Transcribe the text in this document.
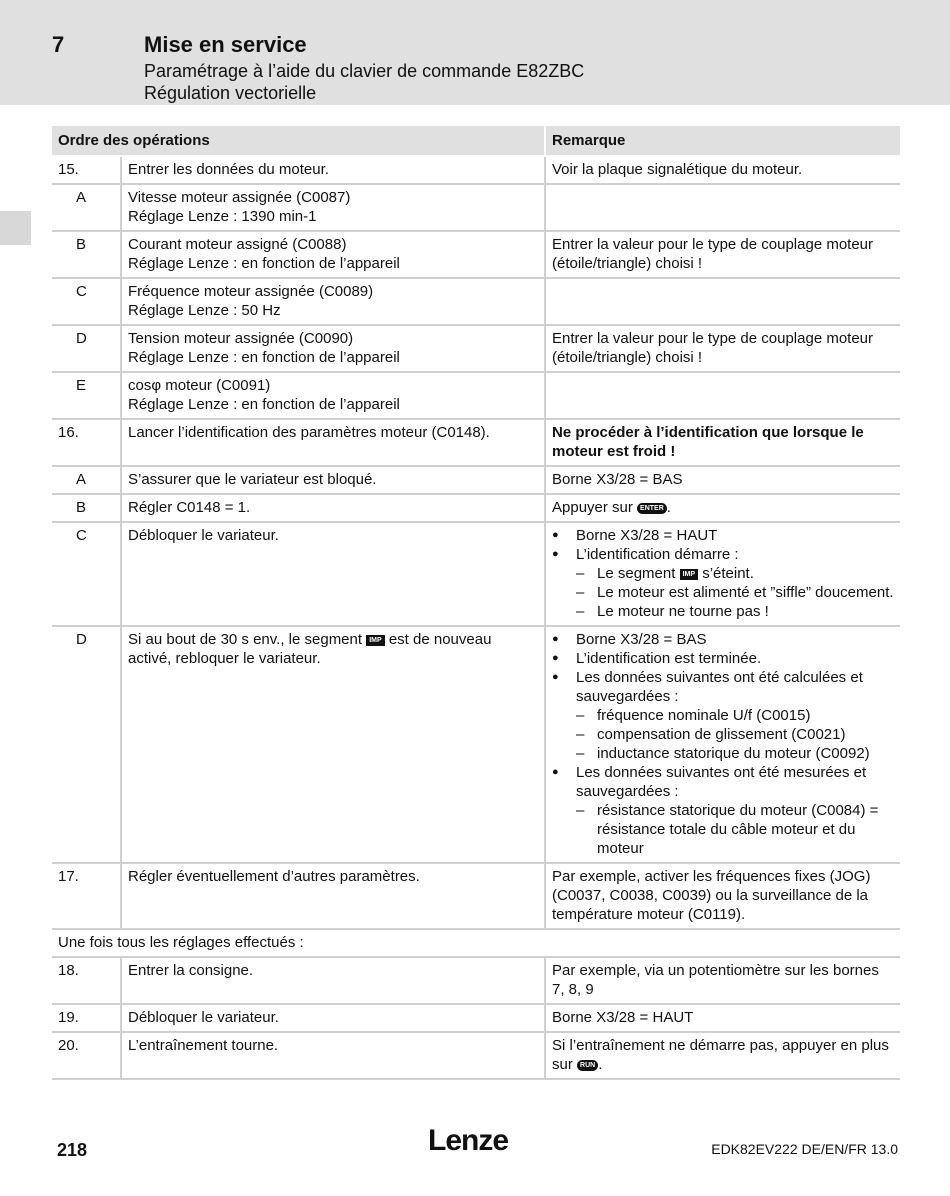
7	Mise en service
Paramétrage à l’aide du clavier de commande E82ZBC
Régulation vectorielle
Ordre des opérations	Remarque
15.	Entrer les données du moteur.	Voir la plaque signalétique du moteur.
A	Vitesse moteur assignée (C0087)
Réglage Lenze : 1390 min-1
B	Courant moteur assigné (C0088)
Réglage Lenze : en fonction de l’appareil
Entrer la valeur pour le type de couplage moteur (étoile/triangle) choisi !
C	Fréquence moteur assignée (C0089)
Réglage Lenze : 50 Hz
D	Tension moteur assignée (C0090)
Réglage Lenze : en fonction de l’appareil
Entrer la valeur pour le type de couplage moteur (étoile/triangle) choisi !
E	cosφ moteur (C0091)
Réglage Lenze : en fonction de l’appareil
16.	Lancer l’identification des paramètres moteur (C0148).	Ne procéder à l’identification que lorsque le moteur est froid !
A	S’assurer que le variateur est bloqué.	Borne X3/28 = BAS
B	Régler C0148 = 1.	Appuyer sur ENTER .
C	Débloquer le variateur.
●	Borne X3/28 = HAUT
● L’identification démarre :
– Le segment IMP s’éteint.
– Le moteur est alimenté et ”siffle” doucement.
– Le moteur ne tourne pas !
D	Si au bout de 30 s env., le segment IMP est de nouveau activé, rebloquer le variateur.
● Borne X3/28 = BAS
● L’identification est terminée.
● Les données suivantes ont été calculées et sauvegardées :
– fréquence nominale U/f (C0015)
– compensation de glissement (C0021)
– inductance statorique du moteur (C0092)
● Les données suivantes ont été mesurées et sauvegardées :
– résistance statorique du moteur (C0084) = résistance totale du câble moteur et du moteur
17.	Régler éventuellement d’autres paramètres.	Par exemple, activer les fréquences fixes (JOG) (C0037, C0038, C0039) ou la surveillance de la température moteur (C0119).
Une fois tous les réglages effectués :
18.	Entrer la consigne.	Par exemple, via un potentiomètre sur les bornes 7, 8, 9
19.	Débloquer le variateur.	Borne X3/28 = HAUT
20.	L’entraînement tourne.	Si l’entraînement ne démarre pas, appuyer en plus sur RUN .
218	Lenze	EDK82EV222 DE/EN/FR 13.0
